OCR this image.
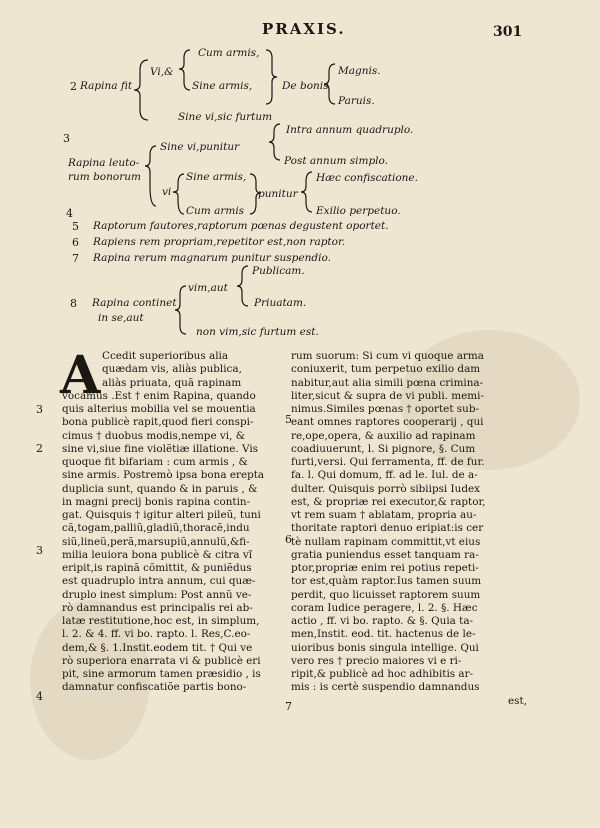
PRAXIS.	301
2 Rapina fit
Vi,&
Cum armis,
Sine armis,	De bonis
Magnis.
Paruis.
Sine vi,sic furtum
3
Intra annum quadruplo.
Sine vi,punitur
Post annum simplo.
Rapina leuto-
rum bonorum
vi
Sine armis,
punitur
Hæc confiscatione.
Cum armis	Exilio perpetuo.
4
5 Raptorum fautores,raptorum pœnas degustent oportet.
6 Rapiens rem propriam,repetitor est,non raptor.
7 Rapina rerum magnarum punitur suspendio.
Publicam.
vim,aut
8 Rapina continet
in se,aut
Priuatam.
non vim,sic furtum est.
A Ccedit superioribus alia
quædam vis, aliàs publica,
aliàs priuata, quã rapinam
vocamus .Est † enim Rapina, quando
quis alterius mobilia vel se mouentia
bona publicè rapit,quod fieri conspi-
cimus † duobus modis,nempe vi, &
sine vi,siue fine violẽtiæ illatione. Vis
quoque fit bifariam : cum armis , &
sine armis. Postremò ipsa bona erepta
duplicia sunt, quando & in paruis , &
in magni precij bonis rapina contin-
gat. Quisquis † igitur alteri pileũ, tuni
cã,togam,palliũ,gladiũ,thoracẽ,indu
siũ,lineũ,perã,marsupiũ,annulũ,&fi-
milia leuiora bona publicè & citra vĩ
eripit,is rapinã cõmittit, & puniẽdus
est quadruplo intra annum, cui quæ-
druplo inest simplum: Post annũ ve-
rò damnandus est principalis rei ab-
latæ restitutione,hoc est, in simplum,
l. 2. & 4. ff. vi bo. rapto. l. Res,C.eo-
dem,& §. 1.Instit.eodem tit. † Qui ve
rò superiora enarrata vi & publicè eri
pit, sine armorum tamen præsidio , is
damnatur confiscatiõe partis bono-
rum suorum: Si cum vi quoque arma
coniuxerit, tum perpetuo exilio dam
nabitur,aut alia simili pœna crimina-
liter,sicut & supra de vi publi. memi-
nimus.Similes pœnas † oportet sub-
eant omnes raptores cooperarij , qui
re,ope,opera, & auxilio ad rapinam
coadiuuerunt, l. Si pignore, §. Cum
furti,versi. Qui ferramenta, ff. de fur.
fa. l. Qui domum, ff. ad le. Iul. de a-
dulter. Quisquis porrò sibiipsi Iudex
est, & propriæ rei executor,& raptor,
vt rem suam † ablatam, propria au-
thoritate raptori denuo eripiat:is cer
tè nullam rapinam committit,vt eius
gratia puniendus esset tanquam ra-
ptor,propriæ enim rei potius repeti-
tor est,quàm raptor.Ius tamen suum
perdit, quo licuisset raptorem suum
coram Iudice peragere, l. 2. §. Hæc
actio , ff. vi bo. rapto. & §. Quia ta-
men,Instit. eod. tit. hactenus de le-
uioribus bonis singula intellige. Qui
vero res † precio maiores vi e ri-
ripit,& publicè ad hoc adhibitis ar-
mis : is certè suspendio damnandus
est,
3
2
3
4
5
6
7
